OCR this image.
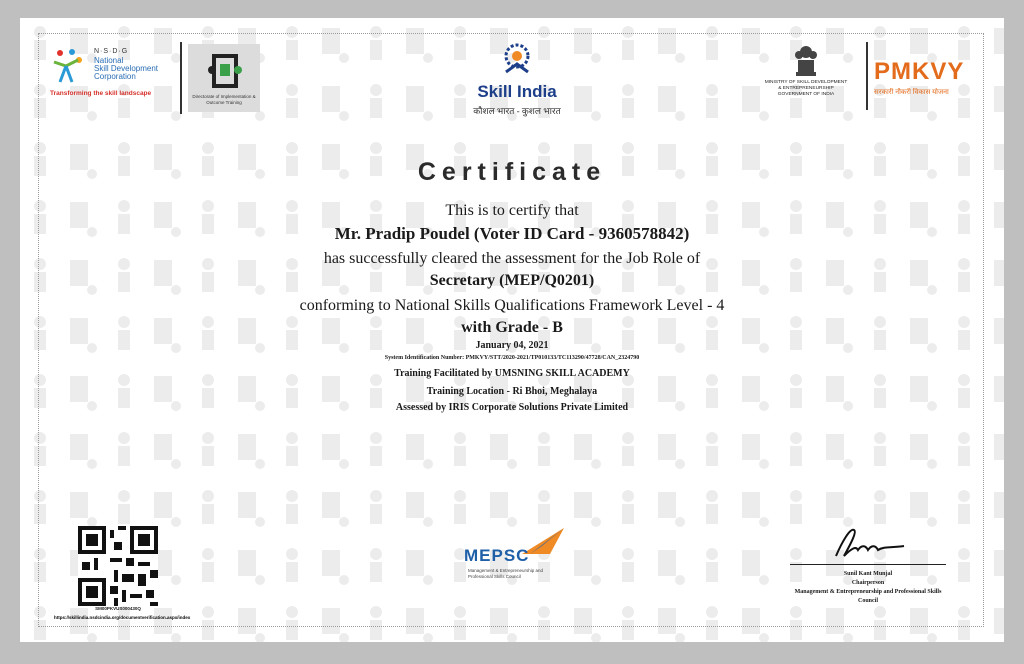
N·S·D·G
National
Skill Development
Corporation
Transforming the skill landscape	Directorate of Implementation & Outcome Training
Skill India
कौशल भारत - कुशल भारत
MINISTRY OF SKILL DEVELOPMENT
& ENTREPRENEURSHIP
GOVERNMENT OF INDIA
PMKVY
सरकारी नौकरी विकास योजना
Certificate
This is to certify that
Mr. Pradip Poudel (Voter ID Card - 9360578842)
has successfully cleared the assessment for the Job Role of
Secretary (MEP/Q0201)
conforming to National Skills Qualifications Framework Level - 4
with Grade - B
January 04, 2021
System Identification Number: PMKVY/STT/2020-2021/TP010133/TC113290/47728/CAN_2324790
Training Facilitated by UMSNING SKILL ACADEMY
Training Location - Ri Bhoi, Meghalaya
Assessed by IRIS Corporate Solutions Private Limited
SM00PKVUS000430Q
https://skillindia.nsdcindia.org/documentverification.aspx/index
MEPSC
Management & Entrepreneurship and
Professional Skills Council	Sunil Kant Munjal
Chairperson
Management & Entrepreneurship and Professional Skills
Council
